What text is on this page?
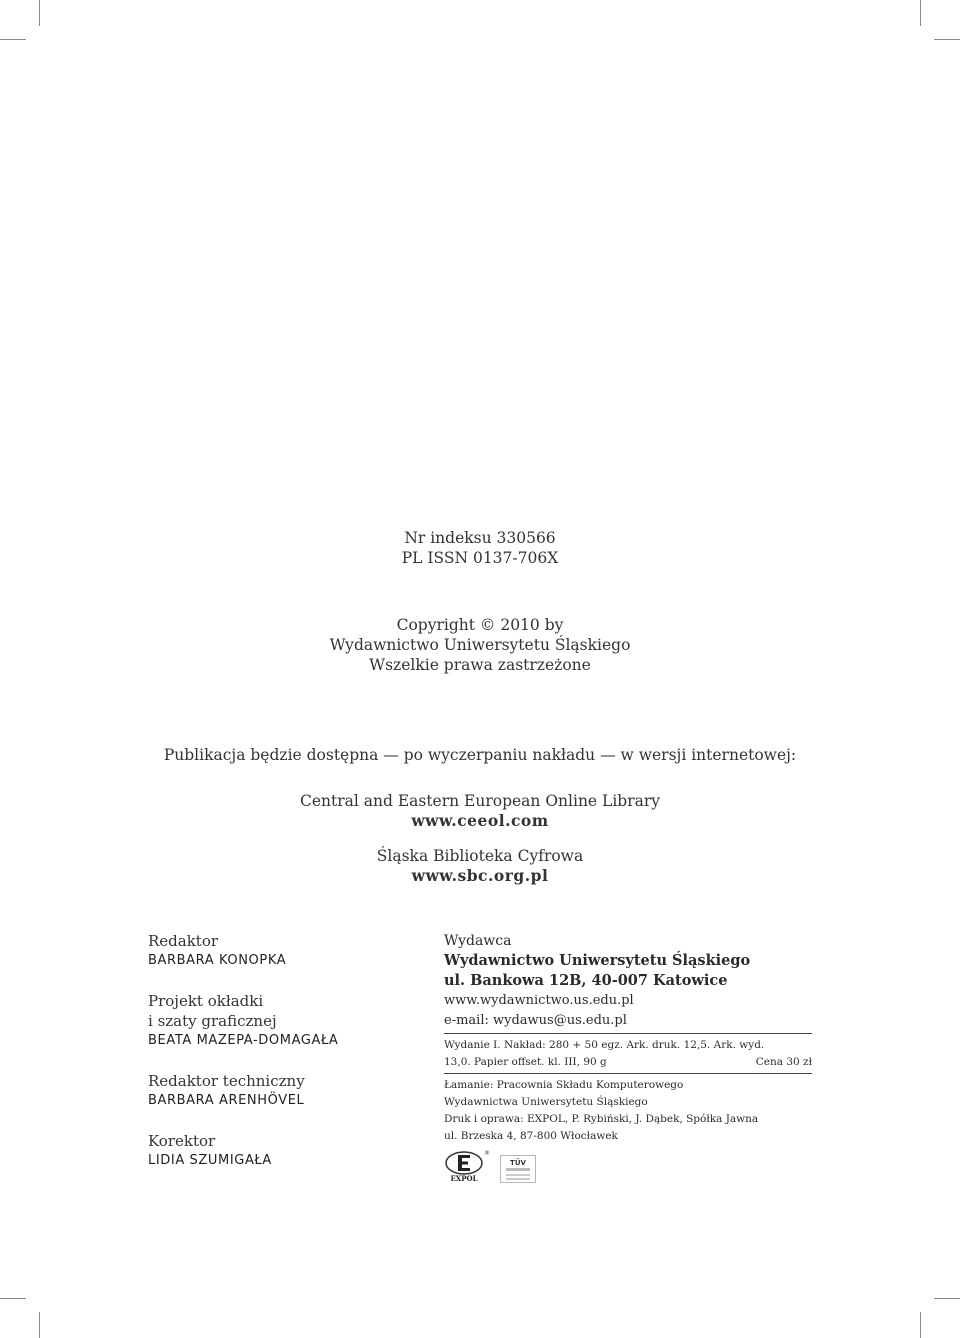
Nr indeksu 330566
PL ISSN 0137-706X
Copyright © 2010 by
Wydawnictwo Uniwersytetu Śląskiego
Wszelkie prawa zastrzeżone
Publikacja będzie dostępna — po wyczerpaniu nakładu — w wersji internetowej:
Central and Eastern European Online Library
www.ceeol.com
Śląska Biblioteka Cyfrowa
www.sbc.org.pl
Redaktor
BARBARA KONOPKA
Projekt okładki
i szaty graficznej
BEATA MAZEPA-DOMAGAŁA
Redaktor techniczny
BARBARA ARENHÖVEL
Korektor
LIDIA SZUMIGAŁA
Wydawca
Wydawnictwo Uniwersytetu Śląskiego
ul. Bankowa 12B, 40-007 Katowice
www.wydawnictwo.us.edu.pl
e-mail: wydawus@us.edu.pl
Wydanie I. Nakład: 280 + 50 egz. Ark. druk. 12,5. Ark. wyd.
13,0. Papier offset. kl. III, 90 g	Cena 30 zł
Łamanie: Pracownia Składu Komputerowego
Wydawnictwa Uniwersytetu Śląskiego
Druk i oprawa: EXPOL, P. Rybiński, J. Dąbek, Spółka Jawna
ul. Brzeska 4, 87-800 Włocławek
EXPOL
®
TÜV
